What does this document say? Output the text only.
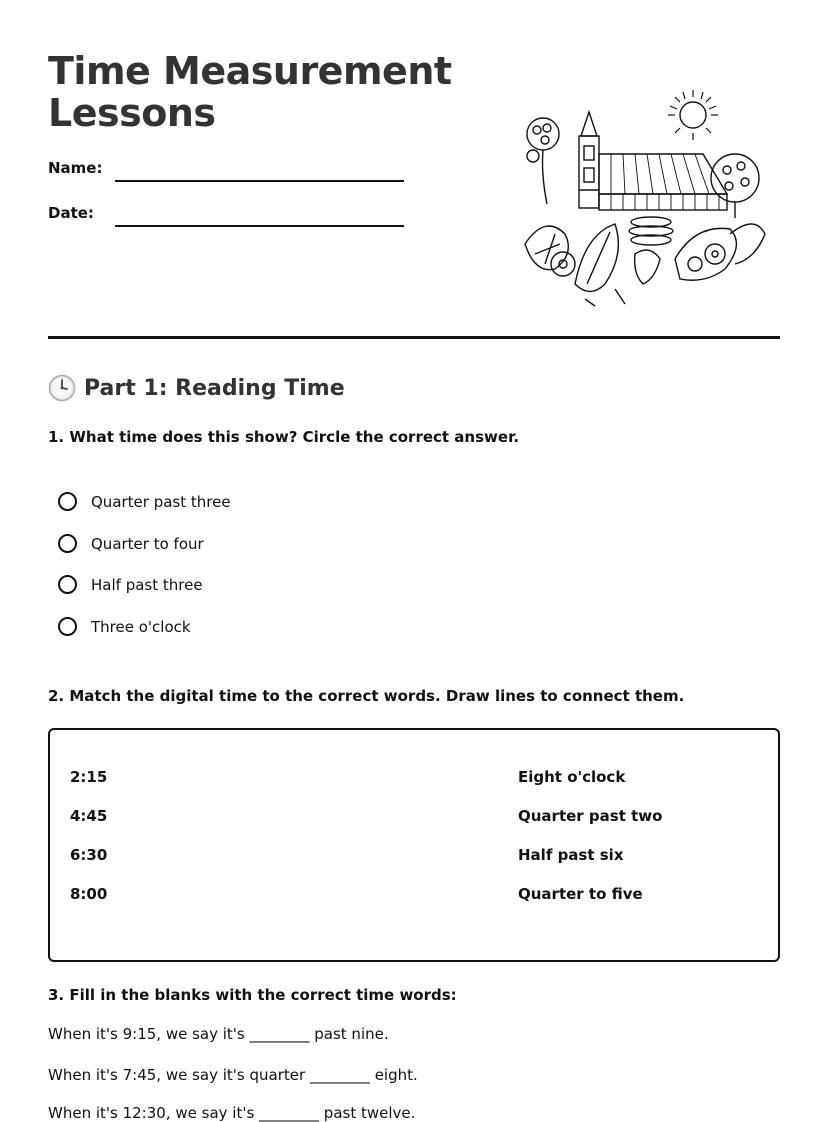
Time Measurement
Lessons
Name:
Date:
Part 1: Reading Time
1. What time does this show? Circle the correct answer.
Quarter past three
Quarter to four
Half past three
Three o'clock
2. Match the digital time to the correct words. Draw lines to connect them.
2:15
4:45
6:30
8:00
Eight o'clock
Quarter past two
Half past six
Quarter to five
3. Fill in the blanks with the correct time words:
When it's 9:15, we say it's ________ past nine.
When it's 7:45, we say it's quarter ________ eight.
When it's 12:30, we say it's ________ past twelve.
